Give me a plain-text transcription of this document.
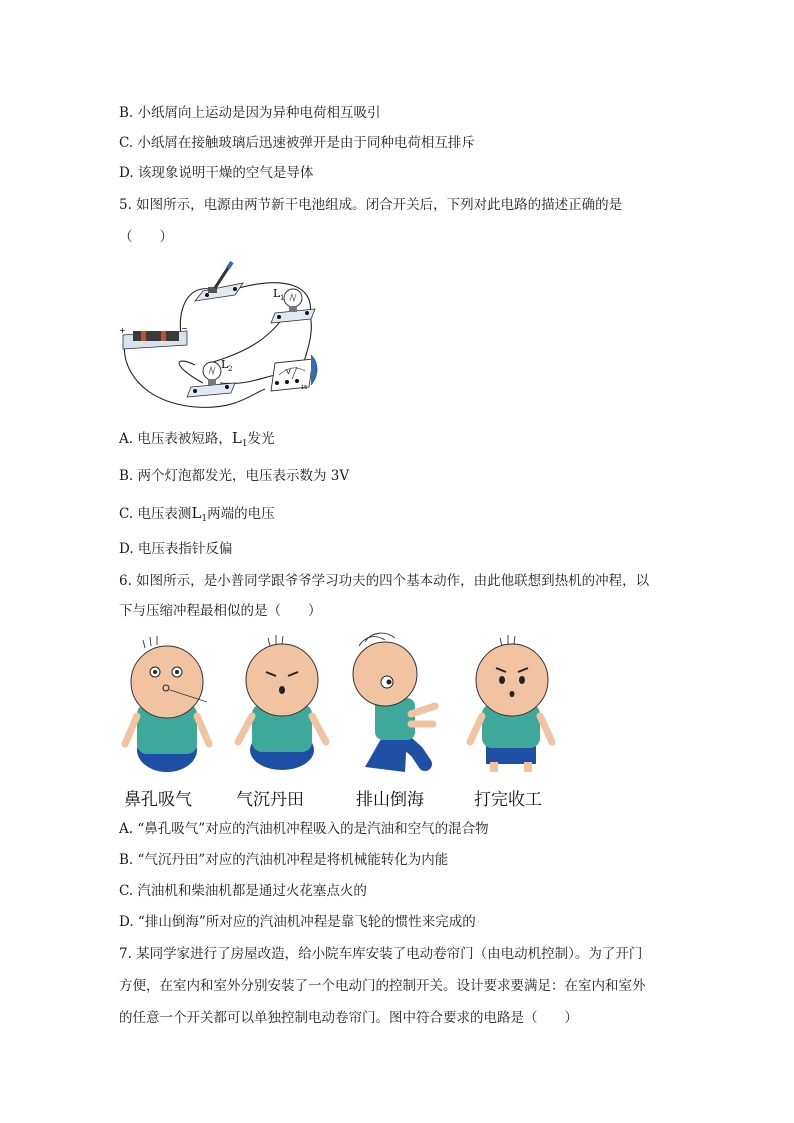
B. 小纸屑向上运动是因为异种电荷相互吸引
C. 小纸屑在接触玻璃后迅速被弹开是由于同种电荷相互排斥
D. 该现象说明干燥的空气是导体
5. 如图所示，电源由两节新干电池组成。闭合开关后，下列对此电路的描述正确的是
（　　）
+	−
L 1
L 2	V
15
A. 电压表被短路，$L_1$发光
B. 两个灯泡都发光，电压表示数为 3V
C. 电压表测$L_1$两端的电压
D. 电压表指针反偏
6. 如图所示，是小普同学跟爷爷学习功夫的四个基本动作，由此他联想到热机的冲程，以
下与压缩冲程最相似的是（　　）
鼻孔吸气	气沉丹田	排山倒海	打完收工
A. “鼻孔吸气”对应的汽油机冲程吸入的是汽油和空气的混合物
B. “气沉丹田”对应的汽油机冲程是将机械能转化为内能
C. 汽油机和柴油机都是通过火花塞点火的
D. “排山倒海”所对应的汽油机冲程是靠飞轮的惯性来完成的
7. 某同学家进行了房屋改造，给小院车库安装了电动卷帘门（由电动机控制）。为了开门
方便，在室内和室外分别安装了一个电动门的控制开关。设计要求要满足：在室内和室外
的任意一个开关都可以单独控制电动卷帘门。图中符合要求的电路是（　　）
